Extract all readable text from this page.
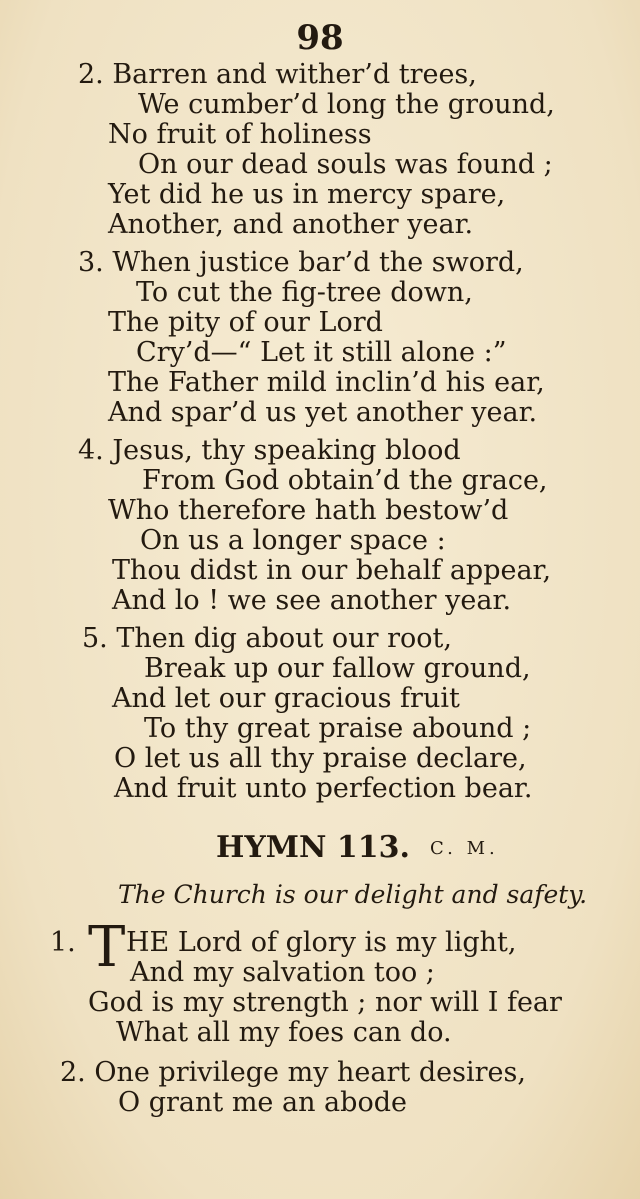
98
2. Barren and wither’d trees,
We cumber’d long the ground,
No fruit of holiness
On our dead souls was found ;
Yet did he us in mercy spare,
Another, and another year.
3. When justice bar’d the sword,
To cut the fig-tree down,
The pity of our Lord
Cry’d—“ Let it still alone :”
The Father mild inclin’d his ear,
And spar’d us yet another year.
4. Jesus, thy speaking blood
From God obtain’d the grace,
Who therefore hath bestow’d
On us a longer space :
Thou didst in our behalf appear,
And lo ! we see another year.
5. Then dig about our root,
Break up our fallow ground,
And let our gracious fruit
To thy great praise abound ;
O let us all thy praise declare,
And fruit unto perfection bear.
HYMN 113. C. M.
The Church is our delight and safety.
1. T HE Lord of glory is my light,
And my salvation too ;
God is my strength ; nor will I fear
What all my foes can do.
2. One privilege my heart desires,
O grant me an abode
